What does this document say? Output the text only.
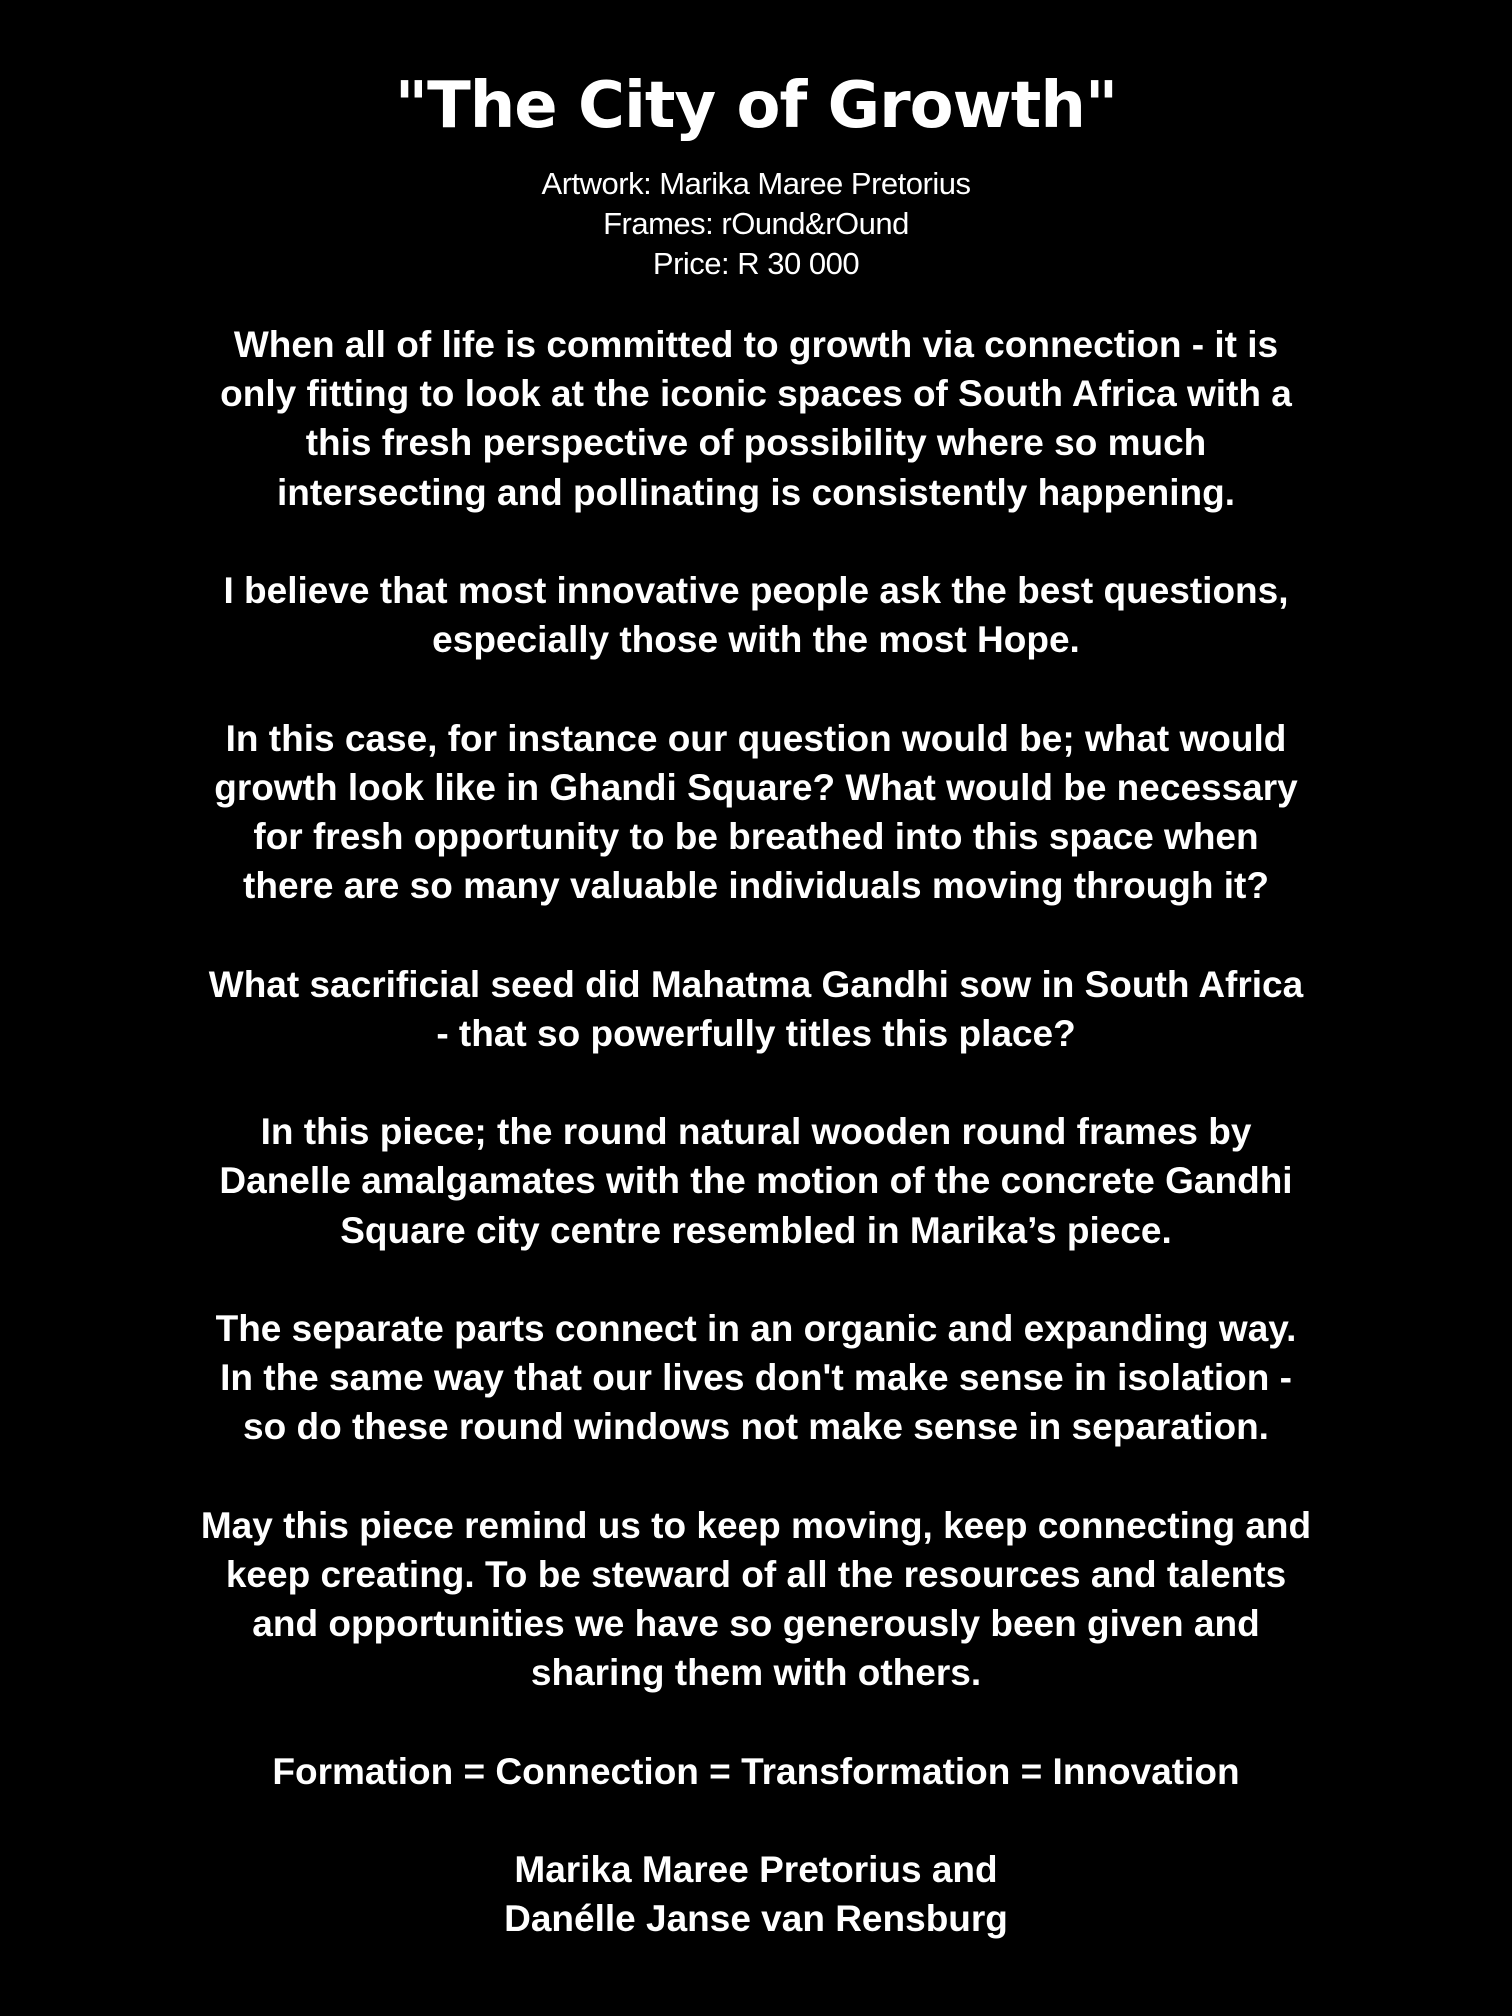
"The City of Growth"
Artwork: Marika Maree Pretorius
Frames: rOund&rOund
Price: R 30 000
When all of life is committed to growth via connection - it is
only fitting to look at the iconic spaces of South Africa with a
this fresh perspective of possibility where so much
intersecting and pollinating is consistently happening.
I believe that most innovative people ask the best questions,
especially those with the most Hope.
In this case, for instance our question would be; what would
growth look like in Ghandi Square? What would be necessary
for fresh opportunity to be breathed into this space when
there are so many valuable individuals moving through it?
What sacrificial seed did Mahatma Gandhi sow in South Africa
- that so powerfully titles this place?
In this piece; the round natural wooden round frames by
Danelle amalgamates with the motion of the concrete Gandhi
Square city centre resembled in Marika’s piece.
The separate parts connect in an organic and expanding way.
In the same way that our lives don't make sense in isolation -
so do these round windows not make sense in separation.
May this piece remind us to keep moving, keep connecting and
keep creating. To be steward of all the resources and talents
and opportunities we have so generously been given and
sharing them with others.
Formation = Connection = Transformation = Innovation
Marika Maree Pretorius and
Danélle Janse van Rensburg
